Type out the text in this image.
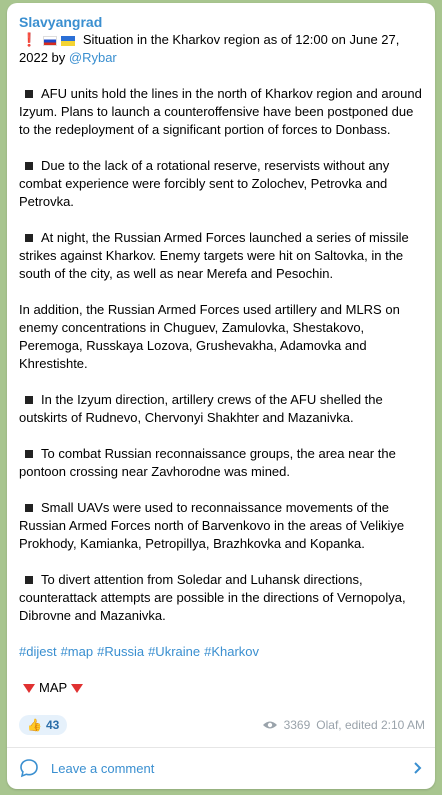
Slavyangrad

❗	Situation in the Kharkov region as of 12:00 on June 27, 2022 by @Rybar

AFU units hold the lines in the north of Kharkov region and around Izyum. Plans to launch a counteroffensive have been postponed due to the redeployment of a significant portion of forces to Donbass.

Due to the lack of a rotational reserve, reservists without any combat experience were forcibly sent to Zolochev, Petrovka and Petrovka.

At night, the Russian Armed Forces launched a series of missile strikes against Kharkov. Enemy targets were hit on Saltovka, in the south of the city, as well as near Merefa and Pesochin.

In addition, the Russian Armed Forces used artillery and MLRS on enemy concentrations in Chuguev, Zamulovka, Shestakovo, Peremoga, Russkaya Lozova, Grushevakha, Adamovka and Khrestishte.

In the Izyum direction, artillery crews of the AFU shelled the outskirts of Rudnevo, Chervonyi Shakhter and Mazanivka.

To combat Russian reconnaissance groups, the area near the pontoon crossing near Zavhorodne was mined.

Small UAVs were used to reconnaissance movements of the Russian Armed Forces north of Barvenkovo in the areas of Velikiye Prokhody, Kamianka, Petropillya, Brazhkovka and Kopanka.

To divert attention from Soledar and Luhansk directions, counterattack attempts are possible in the directions of Vernopolya, Dibrovne and Mazanivka.

#dijest #map #Russia #Ukraine #Kharkov

MAP

👍 43	3369 Olaf, edited 2:10 AM
Leave a comment
